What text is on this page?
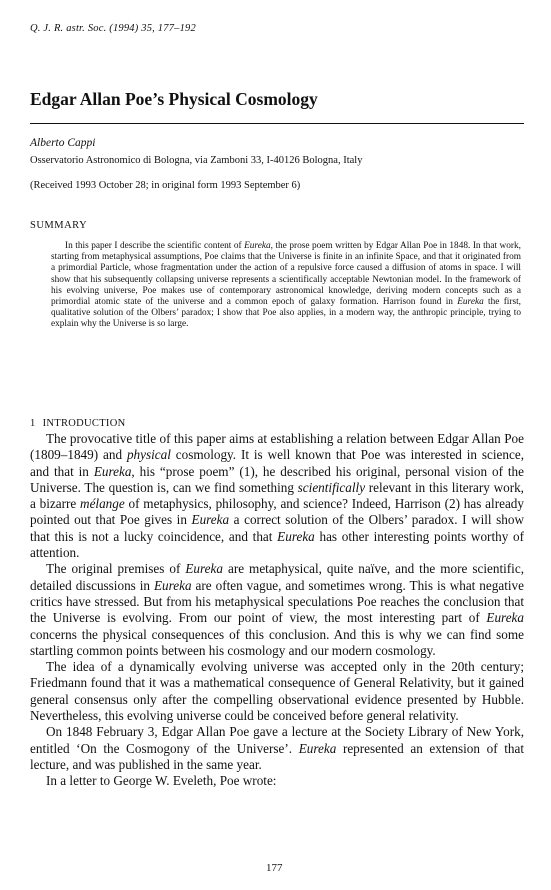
Q. J. R. astr. Soc. (1994) 35, 177–192
Edgar Allan Poe’s Physical Cosmology
Alberto Cappi
Osservatorio Astronomico di Bologna, via Zamboni 33, I-40126 Bologna, Italy
(Received 1993 October 28; in original form 1993 September 6)
SUMMARY

In this paper I describe the scientific content of Eureka, the prose poem written by Edgar Allan Poe in 1848. In that work, starting from metaphysical assumptions, Poe claims that the Universe is finite in an infinite Space, and that it originated from a primordial Particle, whose fragmentation under the action of a repulsive force caused a diffusion of atoms in space. I will show that his subsequently collapsing universe represents a scientifically acceptable Newtonian model. In the framework of his evolving universe, Poe makes use of contemporary astronomical knowledge, deriving modern concepts such as a primordial atomic state of the universe and a common epoch of galaxy formation. Harrison found in Eureka the first, qualitative solution of the Olbers’ paradox; I show that Poe also applies, in a modern way, the anthropic principle, trying to explain why the Universe is so large.

1 INTRODUCTION

The provocative title of this paper aims at establishing a relation between Edgar Allan Poe (1809–1849) and physical cosmology. It is well known that Poe was interested in science, and that in Eureka, his “prose poem” (1), he described his original, personal vision of the Universe. The question is, can we find something scientifically relevant in this literary work, a bizarre mélange of metaphysics, philosophy, and science? Indeed, Harrison (2) has already pointed out that Poe gives in Eureka a correct solution of the Olbers’ paradox. I will show that this is not a lucky coincidence, and that Eureka has other interesting points worthy of attention.

The original premises of Eureka are metaphysical, quite naïve, and the more scientific, detailed discussions in Eureka are often vague, and sometimes wrong. This is what negative critics have stressed. But from his metaphysical speculations Poe reaches the conclusion that the Universe is evolving. From our point of view, the most interesting part of Eureka concerns the physical consequences of this conclusion. And this is why we can find some startling common points between his cosmology and our modern cosmology.

The idea of a dynamically evolving universe was accepted only in the 20th century; Friedmann found that it was a mathematical consequence of General Relativity, but it gained general consensus only after the compelling observational evidence presented by Hubble. Nevertheless, this evolving universe could be conceived before general relativity.

On 1848 February 3, Edgar Allan Poe gave a lecture at the Society Library of New York, entitled ‘On the Cosmogony of the Universe’. Eureka represented an extension of that lecture, and was published in the same year.

In a letter to George W. Eveleth, Poe wrote:

177
